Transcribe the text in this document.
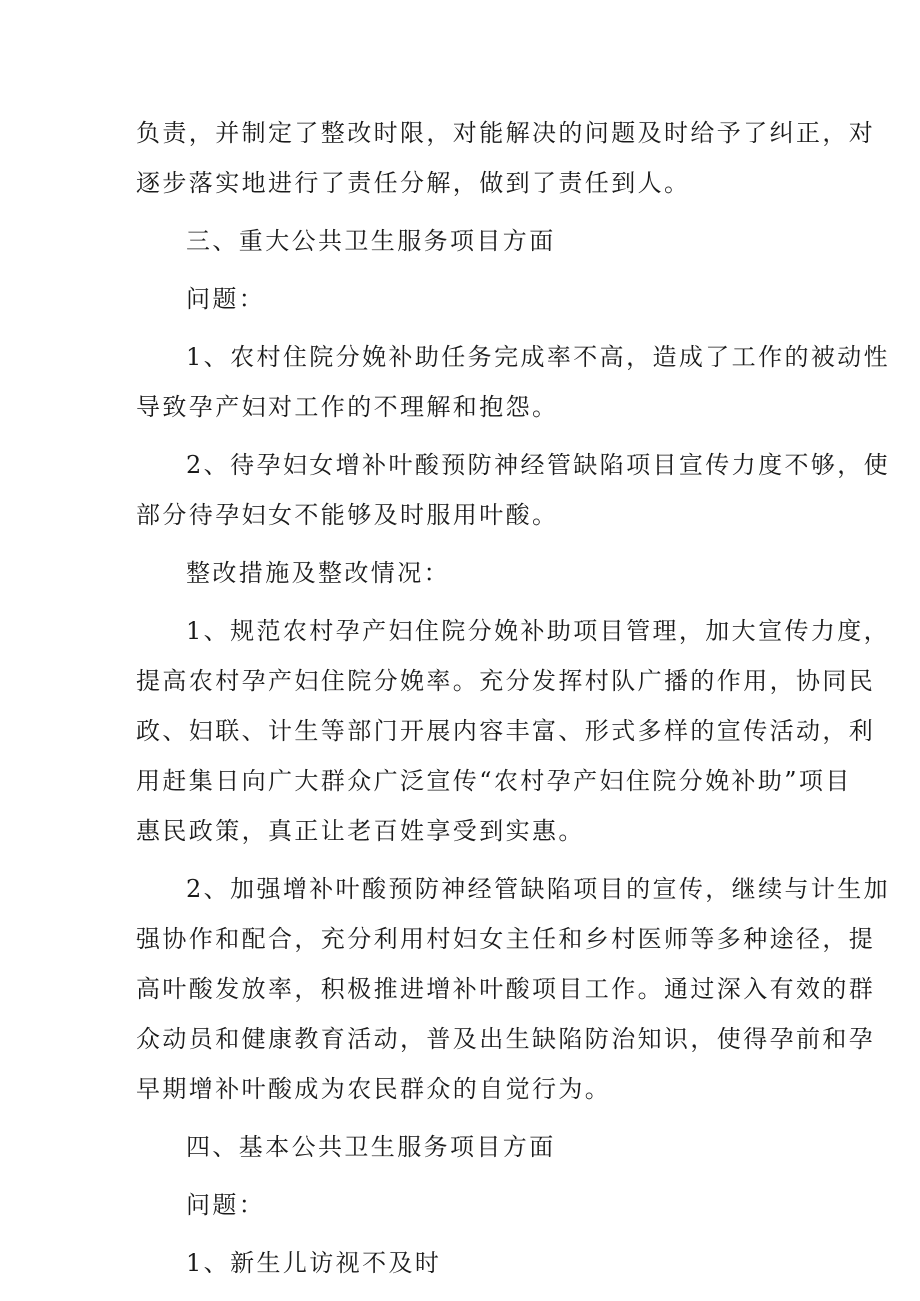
负责，并制定了整改时限，对能解决的问题及时给予了纠正，对
逐步落实地进行了责任分解，做到了责任到人。

三、重大公共卫生服务项目方面

问题：

1、农村住院分娩补助任务完成率不高，造成了工作的被动性
导致孕产妇对工作的不理解和抱怨。

2、待孕妇女增补叶酸预防神经管缺陷项目宣传力度不够，使
部分待孕妇女不能够及时服用叶酸。

整改措施及整改情况：

1、规范农村孕产妇住院分娩补助项目管理，加大宣传力度，
提高农村孕产妇住院分娩率。充分发挥村队广播的作用，协同民
政、妇联、计生等部门开展内容丰富、形式多样的宣传活动，利
用赶集日向广大群众广泛宣传“农村孕产妇住院分娩补助”项目
惠民政策，真正让老百姓享受到实惠。

2、加强增补叶酸预防神经管缺陷项目的宣传，继续与计生加
强协作和配合，充分利用村妇女主任和乡村医师等多种途径，提
高叶酸发放率，积极推进增补叶酸项目工作。通过深入有效的群
众动员和健康教育活动，普及出生缺陷防治知识，使得孕前和孕
早期增补叶酸成为农民群众的自觉行为。

四、基本公共卫生服务项目方面

问题：

1、新生儿访视不及时
